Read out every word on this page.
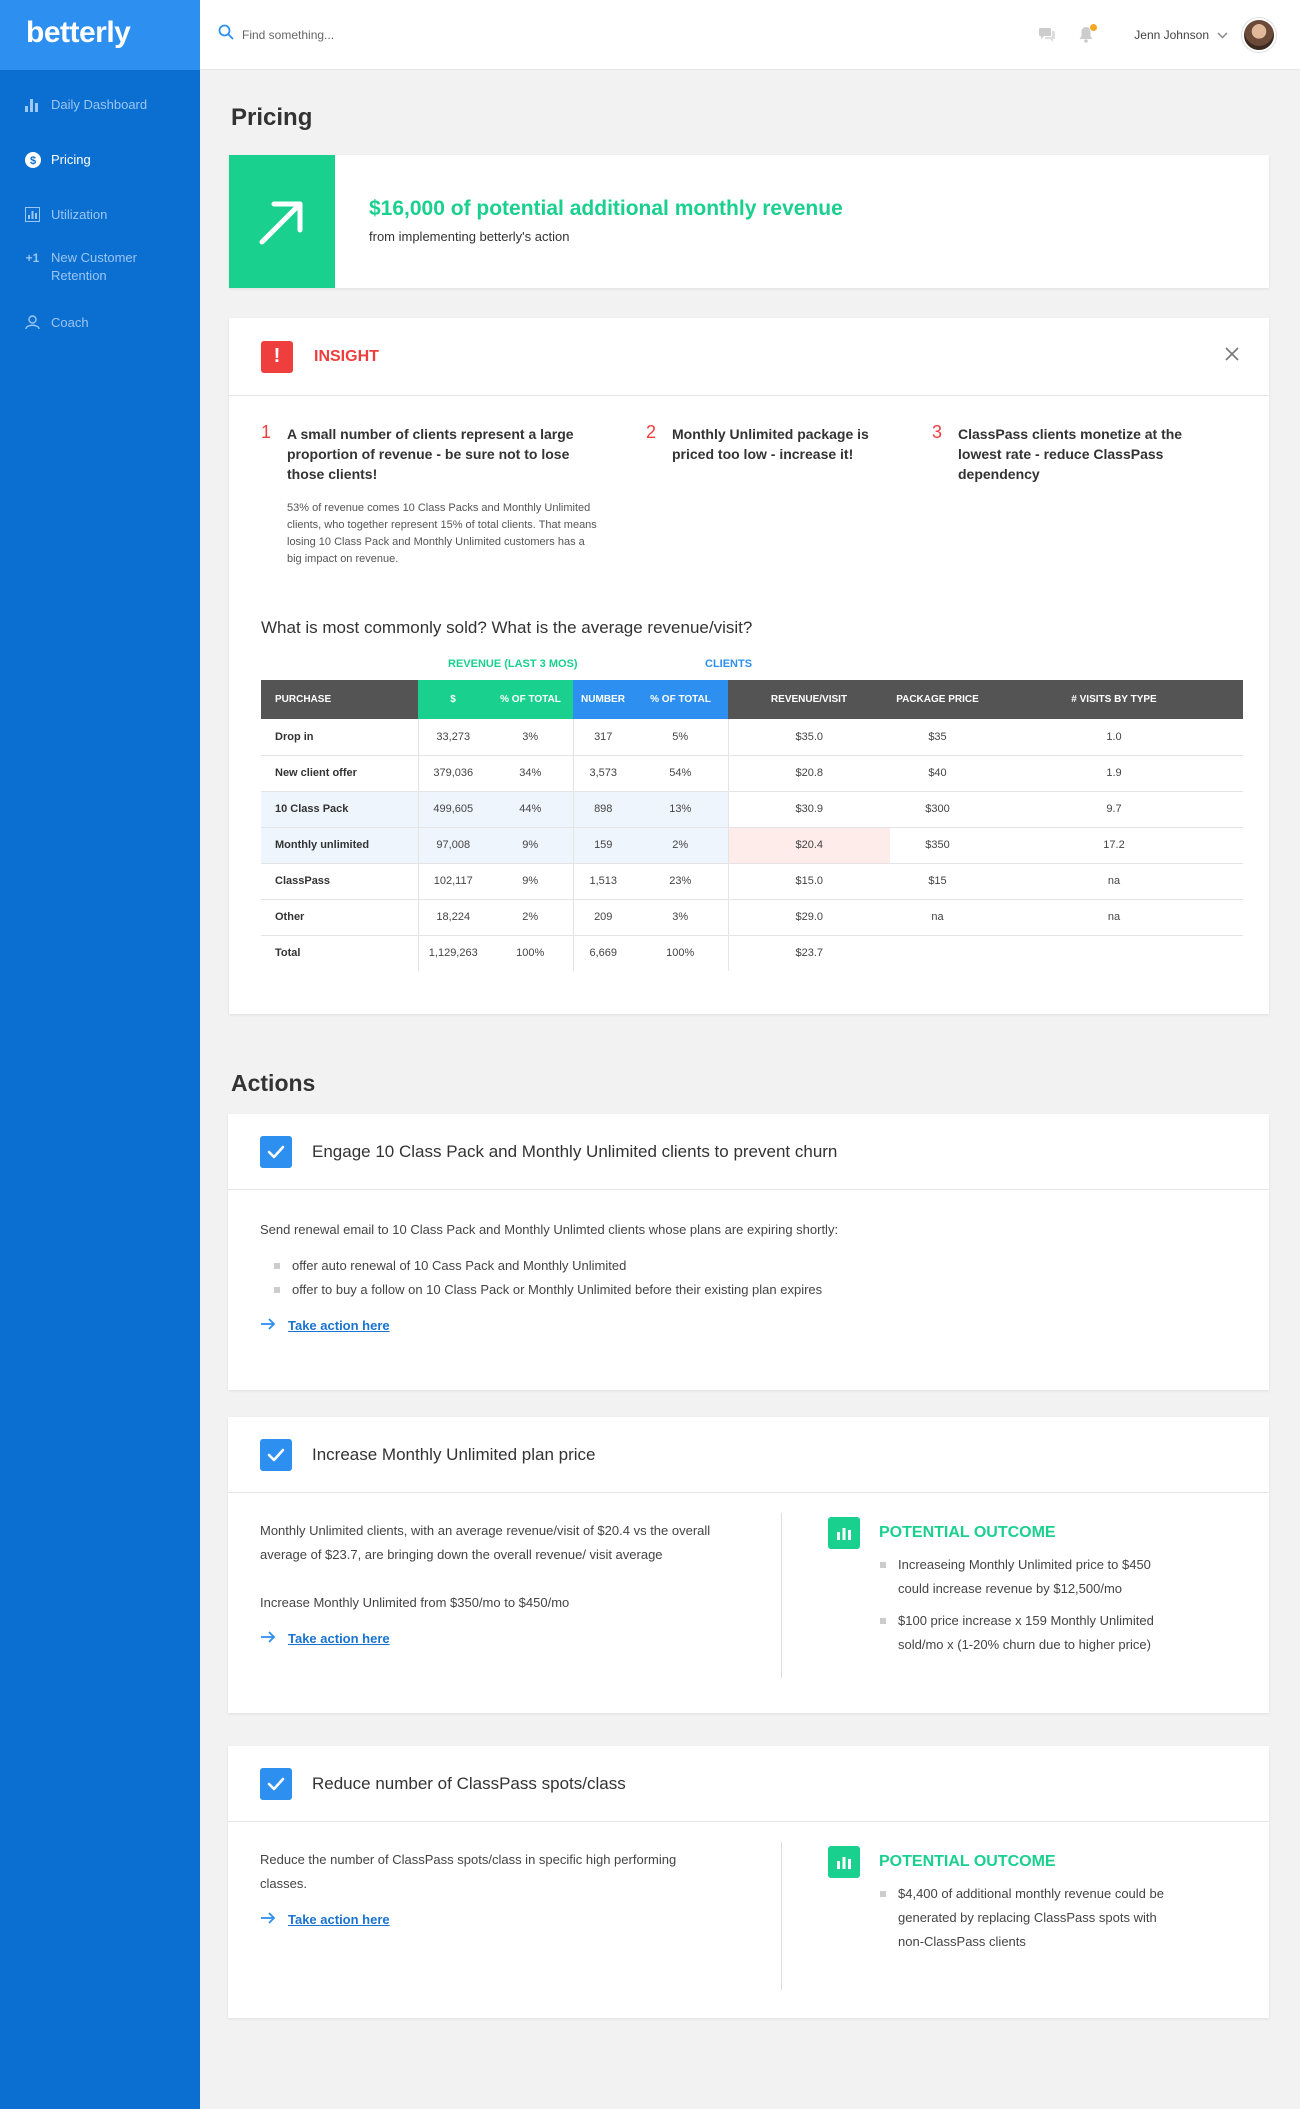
betterly
Daily Dashboard
$ Pricing
Utilization
+1 New Customer
Retention
Coach
Find something...
Jenn Johnson
Pricing
$16,000 of potential additional monthly revenue
from implementing betterly's action
!	INSIGHT
1	A small number of clients represent a large proportion of revenue - be sure not to lose those clients!
53% of revenue comes 10 Class Packs and Monthly Unlimited clients, who together represent 15% of total clients. That means losing 10 Class Pack and Monthly Unlimited customers has a big impact on revenue.
2	Monthly Unlimited package is priced too low - increase it!
3	ClassPass clients monetize at the lowest rate - reduce ClassPass dependency
What is most commonly sold? What is the average revenue/visit?
REVENUE (LAST 3 MOS)	CLIENTS
PURCHASE	$	% OF TOTAL	NUMBER	% OF TOTAL	REVENUE/VISIT	PACKAGE PRICE	# VISITS BY TYPE
Drop in	33,273	3%	317	5%	$35.0	$35	1.0
New client offer	379,036	34%	3,573	54%	$20.8	$40	1.9
10 Class Pack	499,605	44%	898	13%	$30.9	$300	9.7
Monthly unlimited	97,008	9%	159	2%	$20.4	$350	17.2
ClassPass	102,117	9%	1,513	23%	$15.0	$15	na
Other	18,224	2%	209	3%	$29.0	na	na
Total	1,129,263	100%	6,669	100%	$23.7		
Actions
Engage 10 Class Pack and Monthly Unlimited clients to prevent churn
Send renewal email to 10 Class Pack and Monthly Unlimted clients whose plans are expiring shortly:
offer auto renewal of 10 Cass Pack and Monthly Unlimited
offer to buy a follow on 10 Class Pack or Monthly Unlimited before their existing plan expires
Take action here
Increase Monthly Unlimited plan price
Monthly Unlimited clients, with an average revenue/visit of $20.4 vs the overall average of $23.7, are bringing down the overall revenue/ visit average
Increase Monthly Unlimited from $350/mo to $450/mo
Take action here
POTENTIAL OUTCOME
Increaseing Monthly Unlimited price to $450 could increase revenue by $12,500/mo
$100 price increase x 159 Monthly Unlimited sold/mo x (1-20% churn due to higher price)
Reduce number of ClassPass spots/class
Reduce the number of ClassPass spots/class in specific high performing classes.
Take action here
POTENTIAL OUTCOME
$4,400 of additional monthly revenue could be generated by replacing ClassPass spots with non-ClassPass clients
